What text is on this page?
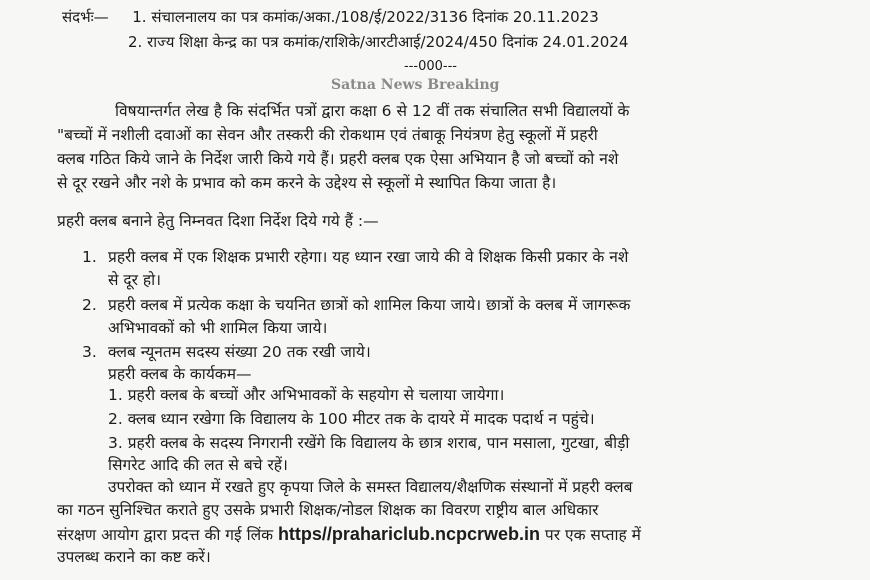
संदर्भः— 1. संचालनालय का पत्र कमांक/अका./108/ई/2022/3136 दिनांक 20.11.2023
2. राज्य शिक्षा केन्द्र का पत्र कमांक/राशिके/आरटीआई/2024/450 दिनांक 24.01.2024
---000---
Satna News Breaking
विषयान्तर्गत लेख है कि संदर्भित पत्रों द्वारा कक्षा 6 से 12 वीं तक संचालित सभी विद्यालयों के
"बच्चों में नशीली दवाओं का सेवन और तस्करी की रोकथाम एवं तंबाकू नियंत्रण हेतु स्कूलों में प्रहरी
क्लब गठित किये जाने के निर्देश जारी किये गये हैं। प्रहरी क्लब एक ऐसा अभियान है जो बच्चों को नशे
से दूर रखने और नशे के प्रभाव को कम करने के उद्देश्य से स्कूलों मे स्थापित किया जाता है।
प्रहरी क्लब बनाने हेतु निम्नवत दिशा निर्देश दिये गये हैं :—
1. प्रहरी क्लब में एक शिक्षक प्रभारी रहेगा। यह ध्यान रखा जाये की वे शिक्षक किसी प्रकार के नशे
से दूर हो।
2. प्रहरी क्लब में प्रत्येक कक्षा के चयनित छात्रों को शामिल किया जाये। छात्रों के क्लब में जागरूक
अभिभावकों को भी शामिल किया जाये।
3. क्लब न्यूनतम सदस्य संख्या 20 तक रखी जाये।
प्रहरी क्लब के कार्यकम—
1. प्रहरी क्लब के बच्चों और अभिभावकों के सहयोग से चलाया जायेगा।
2. क्लब ध्यान रखेगा कि विद्यालय के 100 मीटर तक के दायरे में मादक पदार्थ न पहुंचे।
3. प्रहरी क्लब के सदस्य निगरानी रखेंगे कि विद्यालय के छात्र शराब, पान मसाला, गुटखा, बीड़ी
सिगरेट आदि की लत से बचे रहें।
उपरोक्त को ध्यान में रखते हुए कृपया जिले के समस्त विद्यालय/शैक्षणिक संस्थानों में प्रहरी क्लब
का गठन सुनिश्चित कराते हुए उसके प्रभारी शिक्षक/नोडल शिक्षक का विवरण राष्ट्रीय बाल अधिकार
संरक्षण आयोग द्वारा प्रदत्त की गई लिंक https//prahariclub.ncpcrweb.in पर एक सप्ताह में
उपलब्ध कराने का कष्ट करें।
